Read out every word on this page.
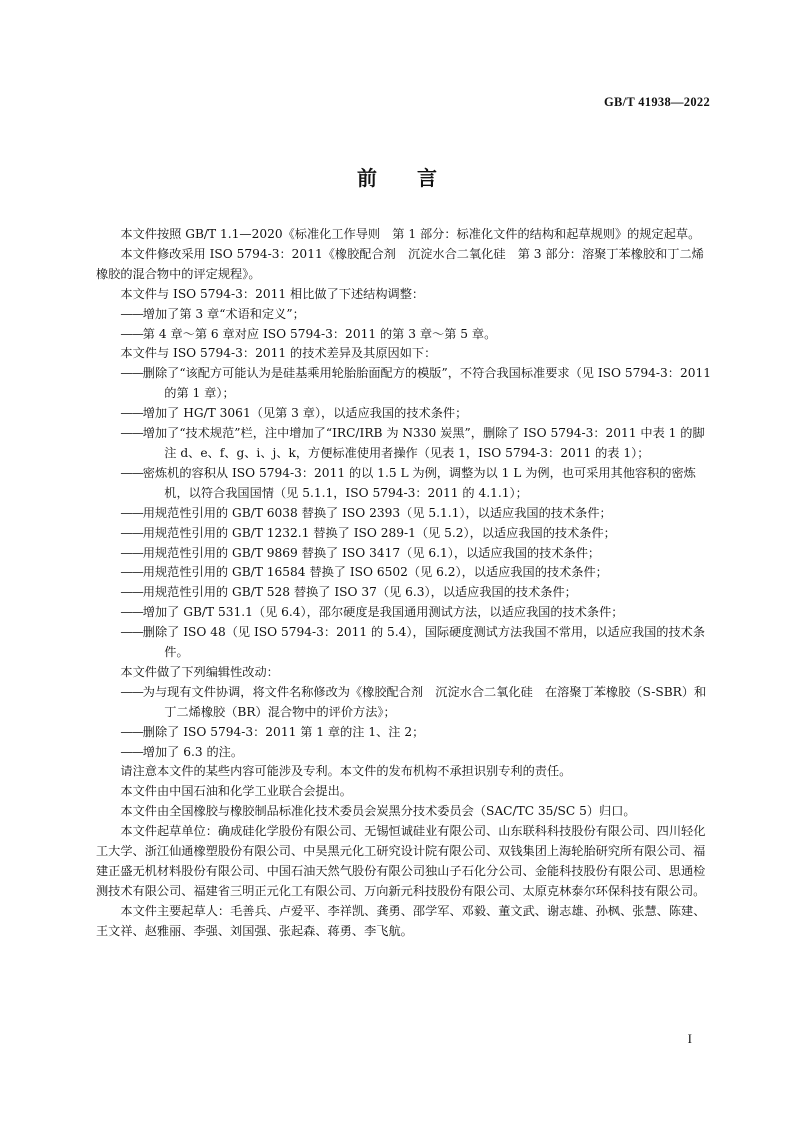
GB/T 41938—2022
前言

本文件按照 GB/T 1.1—2020《标准化工作导则　第 1 部分：标准化文件的结构和起草规则》的规定起草。

本文件修改采用 ISO 5794-3：2011《橡胶配合剂　沉淀水合二氧化硅　第 3 部分：溶聚丁苯橡胶和丁二烯橡胶的混合物中的评定规程》。

本文件与 ISO 5794-3：2011 相比做了下述结构调整：

—— 增加了第 3 章“术语和定义”；

—— 第 4 章～第 6 章对应 ISO 5794-3：2011 的第 3 章～第 5 章。

本文件与 ISO 5794-3：2011 的技术差异及其原因如下：

—— 删除了“该配方可能认为是硅基乘用轮胎胎面配方的模版”，不符合我国标准要求（见 ISO 5794-3：2011 的第 1 章）；

—— 增加了 HG/T 3061（见第 3 章），以适应我国的技术条件；

—— 增加了“技术规范”栏，注中增加了“IRC/IRB 为 N330 炭黑”，删除了 ISO 5794-3：2011 中表 1 的脚注 d、e、f、g、i、j、k，方便标准使用者操作（见表 1，ISO 5794-3：2011 的表 1）；

—— 密炼机的容积从 ISO 5794-3：2011 的以 1.5 L 为例，调整为以 1 L 为例，也可采用其他容积的密炼机，以符合我国国情（见 5.1.1，ISO 5794-3：2011 的 4.1.1）；

—— 用规范性引用的 GB/T 6038 替换了 ISO 2393（见 5.1.1），以适应我国的技术条件；

—— 用规范性引用的 GB/T 1232.1 替换了 ISO 289-1（见 5.2），以适应我国的技术条件；

—— 用规范性引用的 GB/T 9869 替换了 ISO 3417（见 6.1），以适应我国的技术条件；

—— 用规范性引用的 GB/T 16584 替换了 ISO 6502（见 6.2），以适应我国的技术条件；

—— 用规范性引用的 GB/T 528 替换了 ISO 37（见 6.3），以适应我国的技术条件；

—— 增加了 GB/T 531.1（见 6.4），邵尔硬度是我国通用测试方法，以适应我国的技术条件；

—— 删除了 ISO 48（见 ISO 5794-3：2011 的 5.4），国际硬度测试方法我国不常用，以适应我国的技术条件。

本文件做了下列编辑性改动：

—— 为与现有文件协调，将文件名称修改为《橡胶配合剂　沉淀水合二氧化硅　在溶聚丁苯橡胶（S-SBR）和丁二烯橡胶（BR）混合物中的评价方法》；

—— 删除了 ISO 5794-3：2011 第 1 章的注 1、注 2；

—— 增加了 6.3 的注。

请注意本文件的某些内容可能涉及专利。本文件的发布机构不承担识别专利的责任。

本文件由中国石油和化学工业联合会提出。

本文件由全国橡胶与橡胶制品标准化技术委员会炭黑分技术委员会（SAC/TC 35/SC 5）归口。

本文件起草单位：确成硅化学股份有限公司、无锡恒诚硅业有限公司、山东联科科技股份有限公司、四川轻化工大学、浙江仙通橡塑股份有限公司、中昊黑元化工研究设计院有限公司、双钱集团上海轮胎研究所有限公司、福建正盛无机材料股份有限公司、中国石油天然气股份有限公司独山子石化分公司、金能科技股份有限公司、思通检测技术有限公司、福建省三明正元化工有限公司、万向新元科技股份有限公司、太原克林泰尔环保科技有限公司。

本文件主要起草人：毛善兵、卢爱平、李祥凯、龚勇、邵学军、邓毅、董文武、谢志雄、孙枫、张慧、陈建、王文祥、赵雅丽、李强、刘国强、张起森、蒋勇、李飞航。

I
